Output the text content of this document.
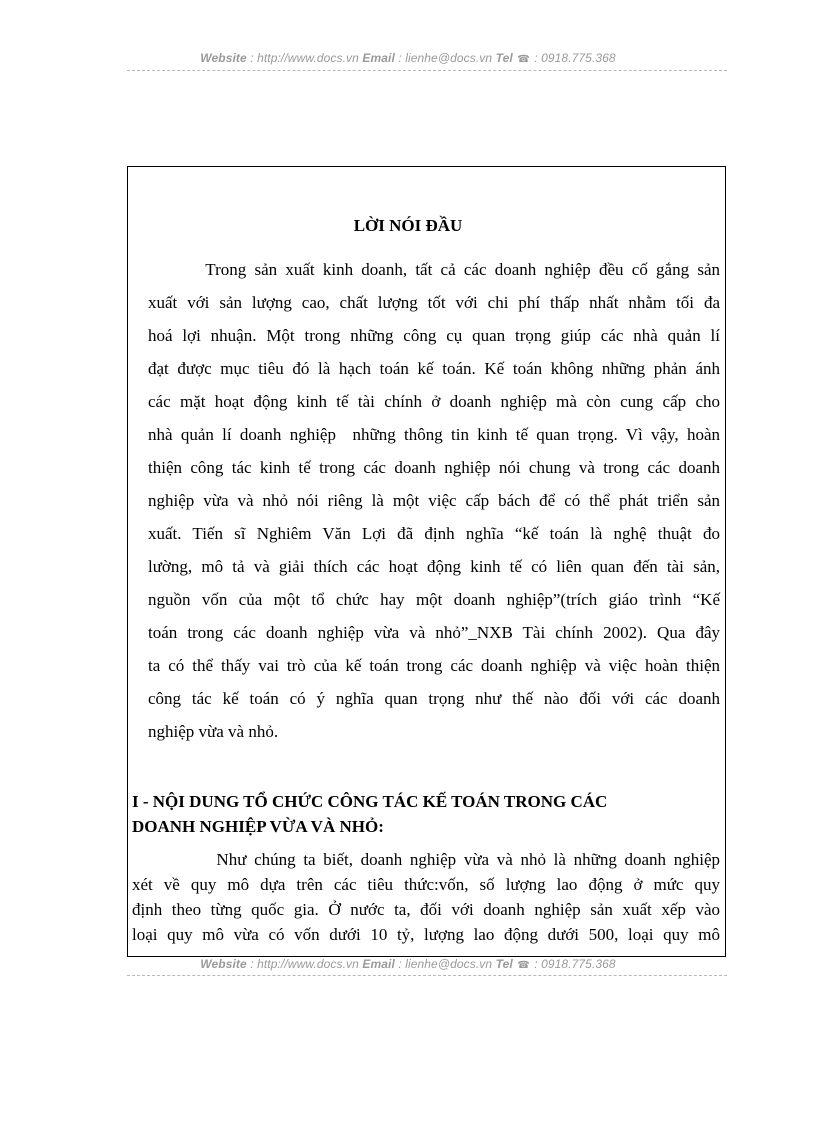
Website : http://www.docs.vn Email : lienhe@docs.vn Tel ☎ : 0918.775.368
LỜI NÓI ĐẦU
Trong sản xuất kinh doanh, tất cả các doanh nghiệp đều cố gắng sản
xuất với sản lượng cao, chất lượng tốt với chi phí thấp nhất nhằm tối đa
hoá lợi nhuận. Một trong những công cụ quan trọng giúp các nhà quản lí
đạt được mục tiêu đó là hạch toán kế toán. Kế toán không những phản ánh
các mặt hoạt động kinh tế tài chính ở doanh nghiệp mà còn cung cấp cho
nhà quản lí doanh nghiệp  những thông tin kinh tế quan trọng. Vì vậy, hoàn
thiện công tác kinh tế trong các doanh nghiệp nói chung và trong các doanh
nghiệp vừa và nhỏ nói riêng là một việc cấp bách để có thể phát triển sản
xuất. Tiến sĩ Nghiêm Văn Lợi đã định nghĩa “kế toán là nghệ thuật đo
lường, mô tả và giải thích các hoạt động kinh tế có liên quan đến tài sản,
nguồn vốn của một tổ chức hay một doanh nghiệp”(trích giáo trình “Kế
toán trong các doanh nghiệp vừa và nhỏ”_NXB Tài chính 2002). Qua đây
ta có thể thấy vai trò của kế toán trong các doanh nghiệp và việc hoàn thiện
công tác kế toán có ý nghĩa quan trọng như thế nào đối với các doanh
nghiệp vừa và nhỏ.
I - NỘI DUNG TỔ CHỨC CÔNG TÁC KẾ TOÁN TRONG CÁC
DOANH NGHIỆP VỪA VÀ NHỎ:
Như chúng ta biết, doanh nghiệp vừa và nhỏ là những doanh nghiệp
xét về quy mô dựa trên các tiêu thức:vốn, số lượng lao động ở mức quy
định theo từng quốc gia. Ở nước ta, đối với doanh nghiệp sản xuất xếp vào
loại quy mô vừa có vốn dưới 10 tỷ, lượng lao động dưới 500, loại quy mô
Website : http://www.docs.vn Email : lienhe@docs.vn Tel ☎ : 0918.775.368
